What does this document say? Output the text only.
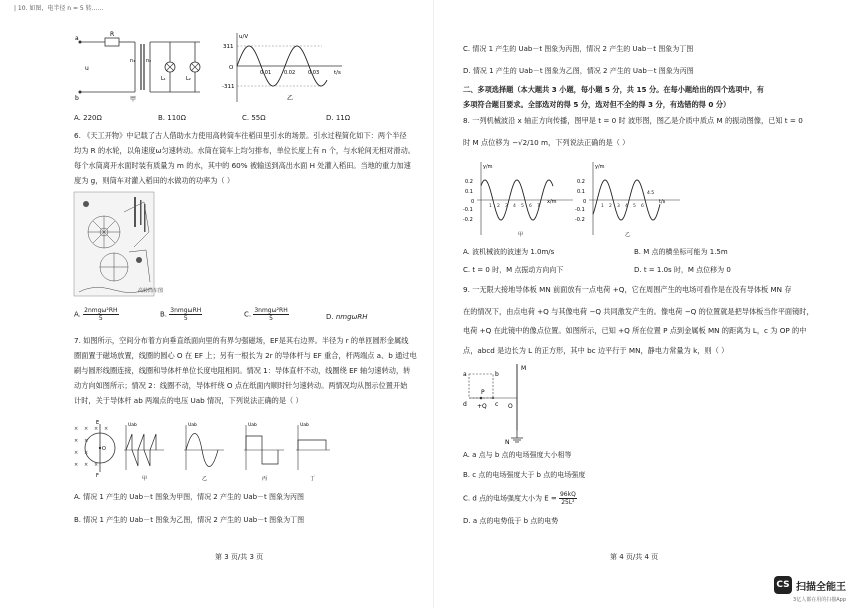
| 10. 如图，电半径 n = 5 转……
R
a
b
u
n₁ n₂
L₁	L₂
甲
u/V
311
O
-311
0.01	0.02	0.03	t/s
乙
A. 220Ω	B. 110Ω	C. 55Ω	D. 11Ω
6. 《天工开物》中记载了古人借助水力使用高转筒车往稻田里引水的场景。引水过程简化如下：两个半径
均为 R 的水轮，以角速度ω匀速转动。水筒在筒车上均匀排布，单位长度上有 n 个，与水轮间无相对滑动。
每个水筒离开水面时装有质量为 m 的水，其中的 60% 被输送到高出水面 H 处灌入稻田。当地的重力加速
度为 g，则筒车对灌入稻田的水做功的功率为（ ）
高转筒车图
A. 2nmgω²RH
5	B. 3nmgωRH
5	C. 3nmgω²RH
5	D. nmgωRH
7. 如图所示，空间分布着方向垂直纸面向里的有界匀强磁场，EF是其右边界。半径为 r 的单匝圆形金属线
圈面置于磁场放置，线圈的圆心 O 在 EF 上；另有一根长为 2r 的导体杆与 EF 重合，杆两端点 a、b 通过电
刷与圆形线圈连接，线圈和导体杆单位长度电阻相同。情况 1：导体直杆不动，线圈绕 EF 轴匀速转动，转
动方向如图所示；情况 2：线圈不动，导体杆绕 O 点在纸面内顺时针匀速转动。两情况均从图示位置开始
计时，关于导体杆 ab 两端点的电压 Uab 情况，下列说法正确的是（ ）
× × × ×
× ×
× ×
× × ×
O
E
F
Uab
甲
Uab
乙
Uab
丙
Uab
丁
A. 情况 1 产生的 Uab－t 图象为甲图，情况 2 产生的 Uab－t 图象为丙图
B. 情况 1 产生的 Uab－t 图象为乙图，情况 2 产生的 Uab－t 图象为丁图
第 3 页/共 3 页
C. 情况 1 产生的 Uab－t 图象为丙图，情况 2 产生的 Uab－t 图象为丁图
D. 情况 1 产生的 Uab－t 图象为乙图，情况 2 产生的 Uab－t 图象为丙图
二、多项选择题（本大题共 3 小题，每小题 5 分，共 15 分。在每小题给出的四个选项中，有
多项符合题目要求。全部选对的得 5 分，选对但不全的得 3 分，有选错的得 0 分）
8. 一列机械波沿 x 轴正方向传播，图甲是 t = 0 时 波形图，图乙是介质中质点 M 的振动图像，已知 t = 0
时 M 点位移为 −√2/10 m，下列说法正确的是（ ）
y/m
0.2
0.1
0
-0.1
-0.2
1 2 3 4 5 6 7
x/m
甲
y/m
0.2
0.1
0
-0.1
-0.2
1 2 3 4 5 6
4.5
t/s
乙
A. 波机械波的波速为 1.0m/s	B. M 点的横坐标可能为 1.5m
C. t = 0 时，M 点振动方向向下	D. t = 1.0s 时，M 点位移为 0
9. 一无限大接地导体板 MN 前面放有一点电荷 +Q，它在周围产生的电场可看作是在没有导体板 MN 存
在的情况下，由点电荷 +Q 与其像电荷 −Q 共同激发产生的。像电荷 −Q 的位置就是把导体板当作平面镜时，
电荷 +Q 在此镜中的像点位置。如图所示，已知 +Q 所在位置 P 点到金属板 MN 的距离为 L，c 为 OP 的中
点，abcd 是边长为 L 的正方形，其中 bc 边平行于 MN，静电力常量为 k，则（ ）
M
N
a	b
c
d
P
+Q	O
A. a 点与 b 点的电场强度大小相等
B. c 点的电场强度大于 b 点的电场强度
C. d 点的电场强度大小为 $E = \frac{96kQ}{\text{25L²}}$
D. a 点的电势低于 b 点的电势
第 4 页/共 4 页
CS 扫描全能王
3亿人都在用的扫描App
